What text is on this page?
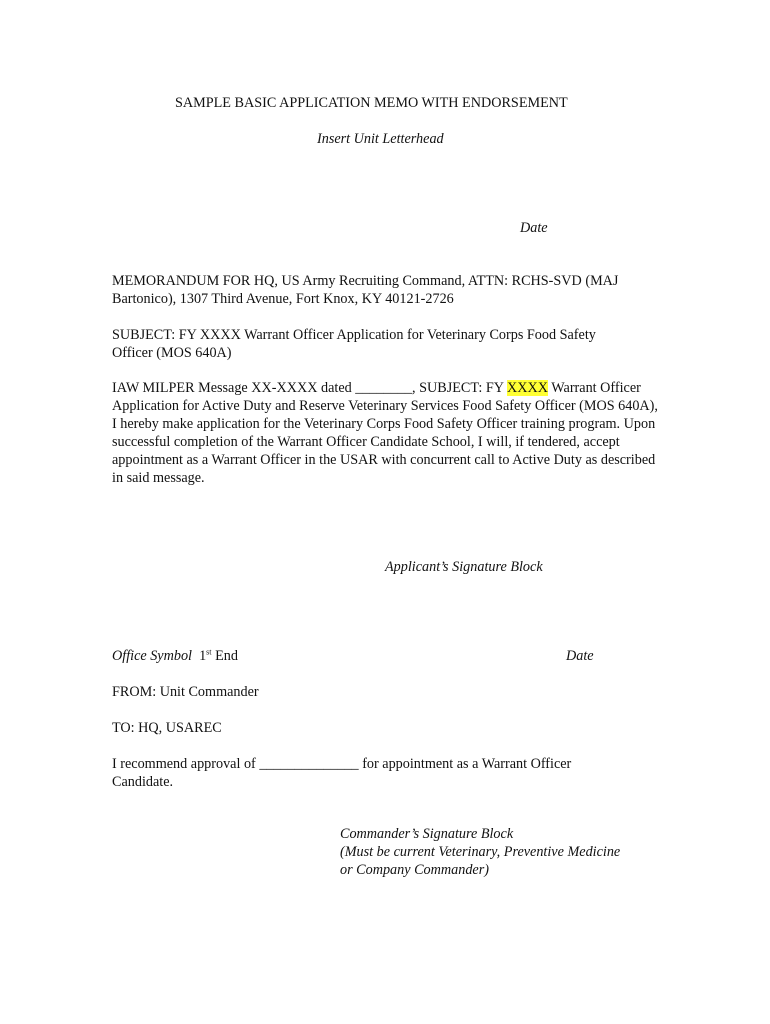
SAMPLE BASIC APPLICATION MEMO WITH ENDORSEMENT
Insert Unit Letterhead
Date
MEMORANDUM FOR HQ, US Army Recruiting Command, ATTN: RCHS-SVD (MAJ
Bartonico), 1307 Third Avenue, Fort Knox, KY 40121-2726
SUBJECT: FY XXXX Warrant Officer Application for Veterinary Corps Food Safety
Officer (MOS 640A)
IAW MILPER Message XX-XXXX dated ________, SUBJECT: FY XXXX Warrant Officer Application for Active Duty and Reserve Veterinary Services Food Safety Officer (MOS 640A), I hereby make application for the Veterinary Corps Food Safety Officer training program. Upon successful completion of the Warrant Officer Candidate School, I will, if tendered, accept appointment as a Warrant Officer in the USAR with concurrent call to Active Duty as described in said message.
Applicant’s Signature Block
Office Symbol 1st End	Date
FROM: Unit Commander
TO: HQ, USAREC
I recommend approval of ______________ for appointment as a Warrant Officer
Candidate.
Commander’s Signature Block
(Must be current Veterinary, Preventive Medicine
or Company Commander)
